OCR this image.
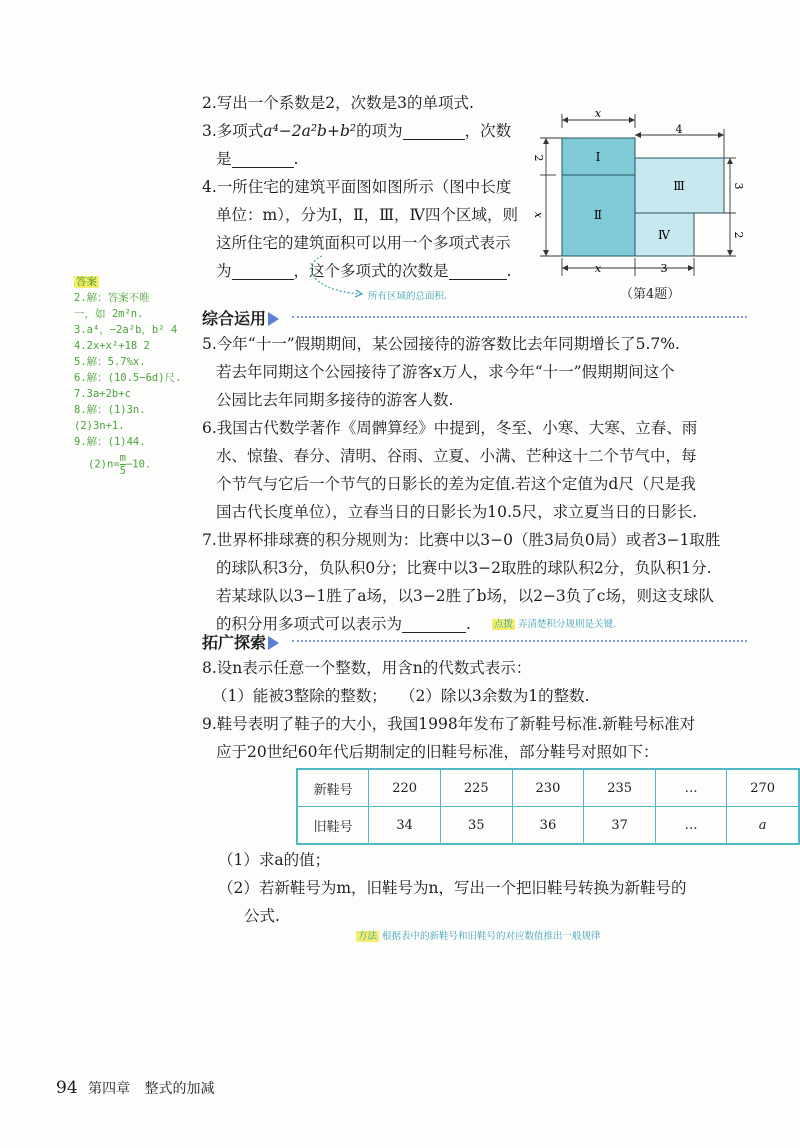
2.写出一个系数是2，次数是3的单项式.
3.多项式a⁴−2a²b+b²的项为	，次数
是	.
4.一所住宅的建筑平面图如图所示（图中长度
单位：m），分为Ⅰ，Ⅱ，Ⅲ，Ⅳ四个区域，则
这所住宅的建筑面积可以用一个多项式表示
为	，这个多项式的次数是	.
所有区域的总面积.
Ⅰ
Ⅱ
Ⅲ
Ⅳ
x
4
2
x
3
2
x	3
（第4题）
答案
2.解：答案不唯
一，如 2m²n.
3.a⁴，−2a²b，b² 4
4.2x+x²+18 2
5.解：5.7%x.
6.解：(10.5−6d)尺.
7.3a+2b+c
8.解：(1)3n.
(2)3n+1.
9.解：(1)44.
$(2)n= \frac{m}{5} -10$.
综合运用
5.今年“十一”假期期间，某公园接待的游客数比去年同期增长了5.7%.
若去年同期这个公园接待了游客x万人，求今年“十一”假期期间这个
公园比去年同期多接待的游客人数.
6.我国古代数学著作《周髀算经》中提到，冬至、小寒、大寒、立春、雨
水、惊蛰、春分、清明、谷雨、立夏、小满、芒种这十二个节气中，每
个节气与它后一个节气的日影长的差为定值.若这个定值为d尺（尺是我
国古代长度单位），立春当日的日影长为10.5尺，求立夏当日的日影长.
7.世界杯排球赛的积分规则为：比赛中以3−0（胜3局负0局）或者3−1取胜
的球队积3分，负队积0分；比赛中以3−2取胜的球队积2分，负队积1分.
若某球队以3−1胜了a场，以3−2胜了b场，以2−3负了c场，则这支球队
的积分用多项式可以表示为	. 点拨 弄清楚积分规则是关键.
拓广探索
8.设n表示任意一个整数，用含n的代数式表示：
（1）能被3整除的整数； （2）除以3余数为1的整数.
9.鞋号表明了鞋子的大小，我国1998年发布了新鞋号标准.新鞋号标准对
应于20世纪60年代后期制定的旧鞋号标准，部分鞋号对照如下：
新鞋号	220	225	230	235	…	270
旧鞋号	34	35	36	37	…	a
（1）求a的值；
（2）若新鞋号为m，旧鞋号为n，写出一个把旧鞋号转换为新鞋号的
公式.
方法 根据表中的新鞋号和旧鞋号的对应数值推出一般规律
94 第四章 整式的加减
